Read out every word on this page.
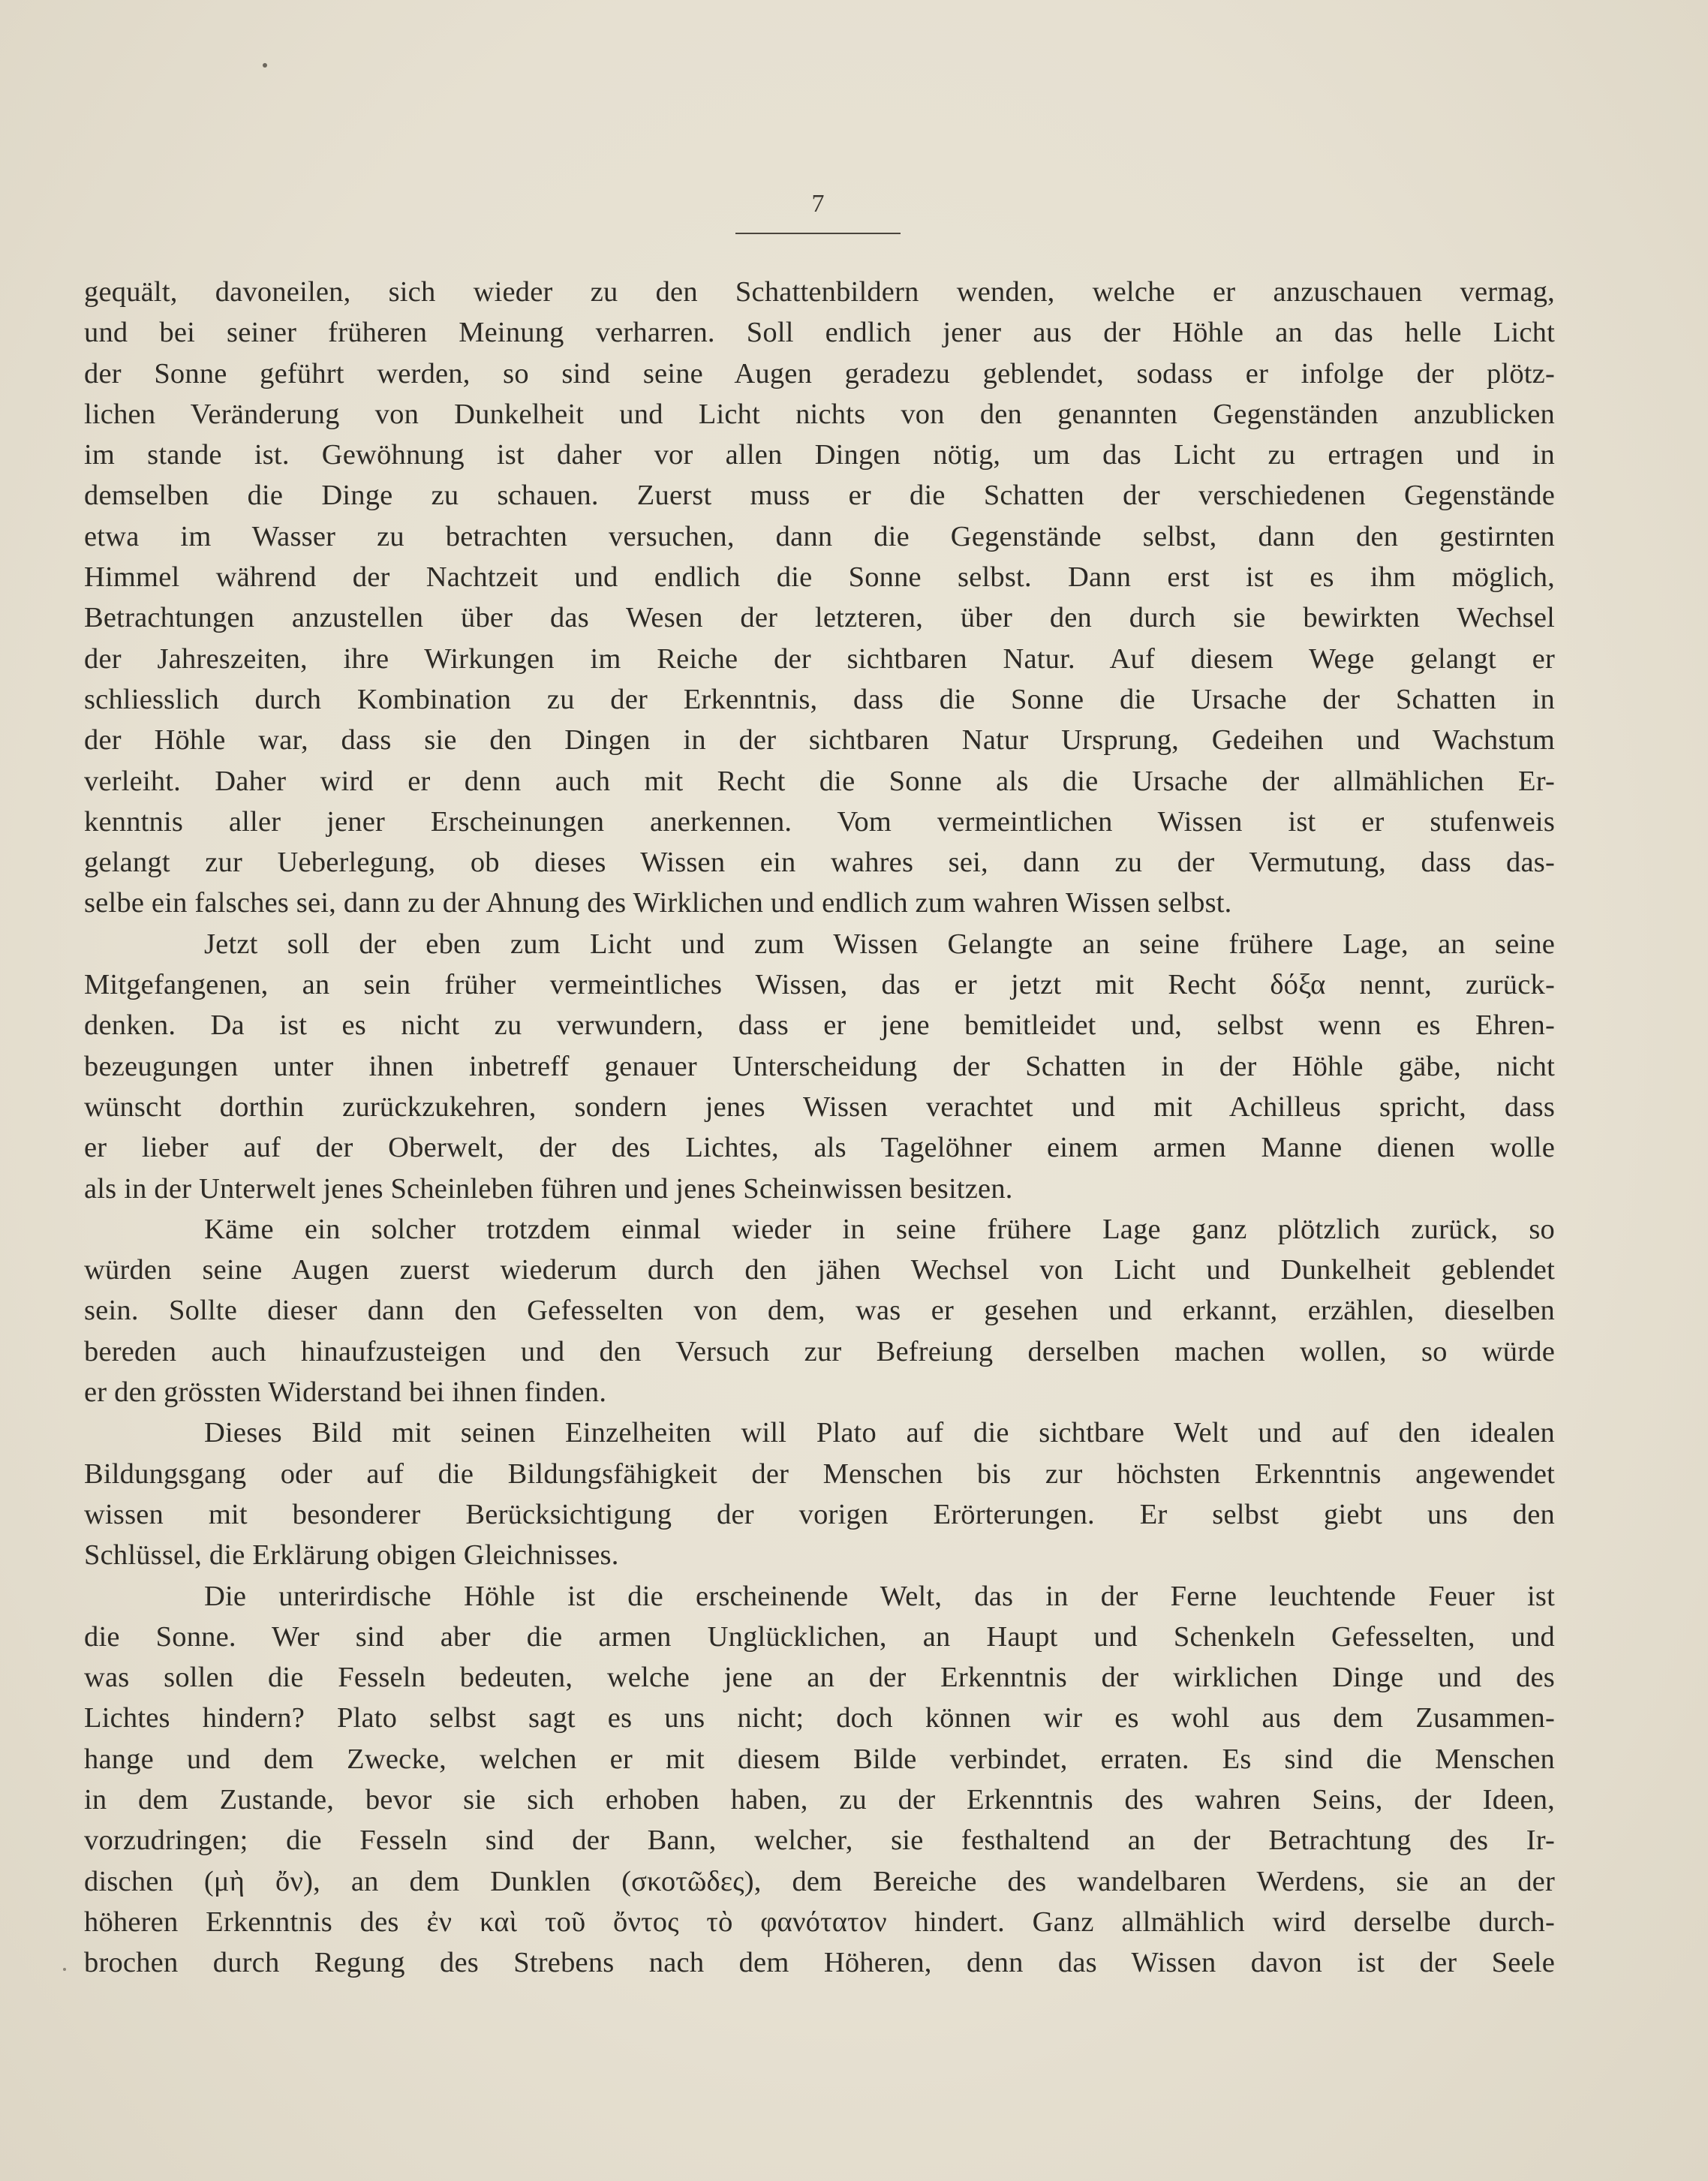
7
gequält, davoneilen, sich wieder zu den Schattenbildern wenden, welche er anzuschauen vermag,
und bei seiner früheren Meinung verharren. Soll endlich jener aus der Höhle an das helle Licht
der Sonne geführt werden, so sind seine Augen geradezu geblendet, sodass er infolge der plötz-
lichen Veränderung von Dunkelheit und Licht nichts von den genannten Gegenständen anzublicken
im stande ist. Gewöhnung ist daher vor allen Dingen nötig, um das Licht zu ertragen und in
demselben die Dinge zu schauen. Zuerst muss er die Schatten der verschiedenen Gegenstände
etwa im Wasser zu betrachten versuchen, dann die Gegenstände selbst, dann den gestirnten
Himmel während der Nachtzeit und endlich die Sonne selbst. Dann erst ist es ihm möglich,
Betrachtungen anzustellen über das Wesen der letzteren, über den durch sie bewirkten Wechsel
der Jahreszeiten, ihre Wirkungen im Reiche der sichtbaren Natur. Auf diesem Wege gelangt er
schliesslich durch Kombination zu der Erkenntnis, dass die Sonne die Ursache der Schatten in
der Höhle war, dass sie den Dingen in der sichtbaren Natur Ursprung, Gedeihen und Wachstum
verleiht. Daher wird er denn auch mit Recht die Sonne als die Ursache der allmählichen Er-
kenntnis aller jener Erscheinungen anerkennen. Vom vermeintlichen Wissen ist er stufenweis
gelangt zur Ueberlegung, ob dieses Wissen ein wahres sei, dann zu der Vermutung, dass das-
selbe ein falsches sei, dann zu der Ahnung des Wirklichen und endlich zum wahren Wissen selbst.
Jetzt soll der eben zum Licht und zum Wissen Gelangte an seine frühere Lage, an seine
Mitgefangenen, an sein früher vermeintliches Wissen, das er jetzt mit Recht δόξα nennt, zurück-
denken. Da ist es nicht zu verwundern, dass er jene bemitleidet und, selbst wenn es Ehren-
bezeugungen unter ihnen inbetreff genauer Unterscheidung der Schatten in der Höhle gäbe, nicht
wünscht dorthin zurückzukehren, sondern jenes Wissen verachtet und mit Achilleus spricht, dass
er lieber auf der Oberwelt, der des Lichtes, als Tagelöhner einem armen Manne dienen wolle
als in der Unterwelt jenes Scheinleben führen und jenes Scheinwissen besitzen.
Käme ein solcher trotzdem einmal wieder in seine frühere Lage ganz plötzlich zurück, so
würden seine Augen zuerst wiederum durch den jähen Wechsel von Licht und Dunkelheit geblendet
sein. Sollte dieser dann den Gefesselten von dem, was er gesehen und erkannt, erzählen, dieselben
bereden auch hinaufzusteigen und den Versuch zur Befreiung derselben machen wollen, so würde
er den grössten Widerstand bei ihnen finden.
Dieses Bild mit seinen Einzelheiten will Plato auf die sichtbare Welt und auf den idealen
Bildungsgang oder auf die Bildungsfähigkeit der Menschen bis zur höchsten Erkenntnis angewendet
wissen mit besonderer Berücksichtigung der vorigen Erörterungen. Er selbst giebt uns den
Schlüssel, die Erklärung obigen Gleichnisses.
Die unterirdische Höhle ist die erscheinende Welt, das in der Ferne leuchtende Feuer ist
die Sonne. Wer sind aber die armen Unglücklichen, an Haupt und Schenkeln Gefesselten, und
was sollen die Fesseln bedeuten, welche jene an der Erkenntnis der wirklichen Dinge und des
Lichtes hindern? Plato selbst sagt es uns nicht; doch können wir es wohl aus dem Zusammen-
hange und dem Zwecke, welchen er mit diesem Bilde verbindet, erraten. Es sind die Menschen
in dem Zustande, bevor sie sich erhoben haben, zu der Erkenntnis des wahren Seins, der Ideen,
vorzudringen; die Fesseln sind der Bann, welcher, sie festhaltend an der Betrachtung des Ir-
dischen (μὴ ὄν), an dem Dunklen (σκοτῶδες), dem Bereiche des wandelbaren Werdens, sie an der
höheren Erkenntnis des ἐν καὶ τοῦ ὄντος τὸ φανότατον hindert. Ganz allmählich wird derselbe durch-
brochen durch Regung des Strebens nach dem Höheren, denn das Wissen davon ist der Seele
